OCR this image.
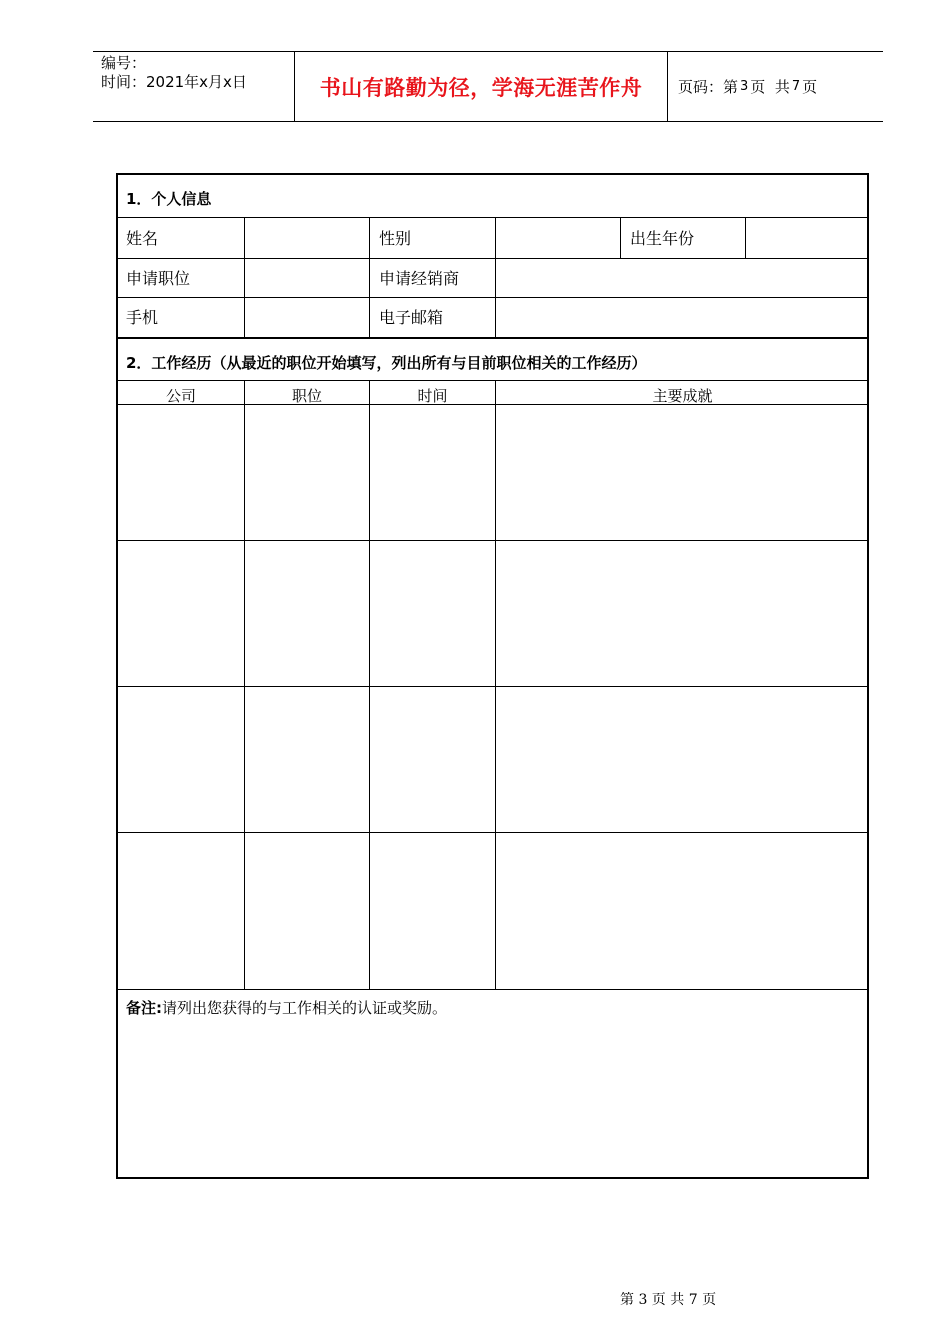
编号：
时间：2021年x月x日	书山有路勤为径，学海无涯苦作舟	页码：第 3 页  共 7 页
1．个人信息
姓名	性别	出生年份
申请职位	申请经销商
手机	电子邮箱
2．工作经历（从最近的职位开始填写，列出所有与目前职位相关的工作经历）
公司	职位	时间	主要成就
备注:请列出您获得的与工作相关的认证或奖励。
第 3 页 共 7 页
